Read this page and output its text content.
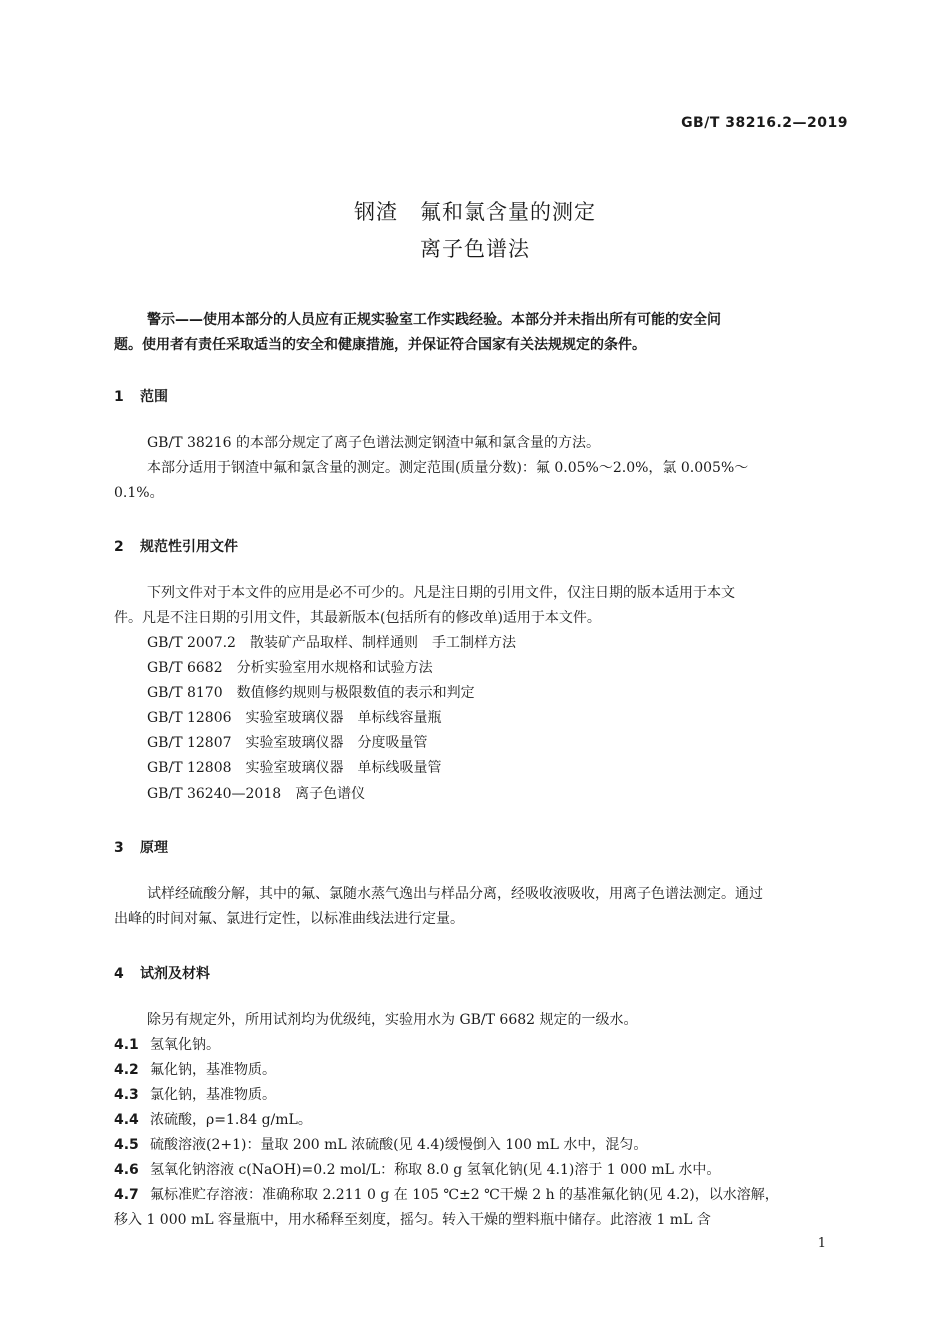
GB/T 38216.2—2019
钢渣　氟和氯含量的测定
离子色谱法

警示——使用本部分的人员应有正规实验室工作实践经验。本部分并未指出所有可能的安全问

题。使用者有责任采取适当的安全和健康措施，并保证符合国家有关法规规定的条件。

1 范围
GB/T 38216 的本部分规定了离子色谱法测定钢渣中氟和氯含量的方法。
本部分适用于钢渣中氟和氯含量的测定。测定范围(质量分数)：氟 0.05%～2.0%，氯 0.005%～
0.1%。
2 规范性引用文件
下列文件对于本文件的应用是必不可少的。凡是注日期的引用文件，仅注日期的版本适用于本文
件。凡是不注日期的引用文件，其最新版本(包括所有的修改单)适用于本文件。
GB/T 2007.2　散装矿产品取样、制样通则　手工制样方法
GB/T 6682　分析实验室用水规格和试验方法
GB/T 8170　数值修约规则与极限数值的表示和判定
GB/T 12806　实验室玻璃仪器　单标线容量瓶
GB/T 12807　实验室玻璃仪器　分度吸量管
GB/T 12808　实验室玻璃仪器　单标线吸量管
GB/T 36240—2018　离子色谱仪
3 原理
试样经硫酸分解，其中的氟、氯随水蒸气逸出与样品分离，经吸收液吸收，用离子色谱法测定。通过
出峰的时间对氟、氯进行定性，以标准曲线法进行定量。
4 试剂及材料
除另有规定外，所用试剂均为优级纯，实验用水为 GB/T 6682 规定的一级水。
4.1 氢氧化钠。
4.2 氟化钠，基准物质。
4.3 氯化钠，基准物质。
4.4 浓硫酸，ρ=1.84 g/mL。
4.5 硫酸溶液(2+1)：量取 200 mL 浓硫酸(见 4.4)缓慢倒入 100 mL 水中，混匀。
4.6 氢氧化钠溶液 c(NaOH)=0.2 mol/L：称取 8.0 g 氢氧化钠(见 4.1)溶于 1 000 mL 水中。
4.7 氟标准贮存溶液：准确称取 2.211 0 g 在 105 ℃±2 ℃干燥 2 h 的基准氟化钠(见 4.2)，以水溶解，
移入 1 000 mL 容量瓶中，用水稀释至刻度，摇匀。转入干燥的塑料瓶中储存。此溶液 1 mL 含
1
